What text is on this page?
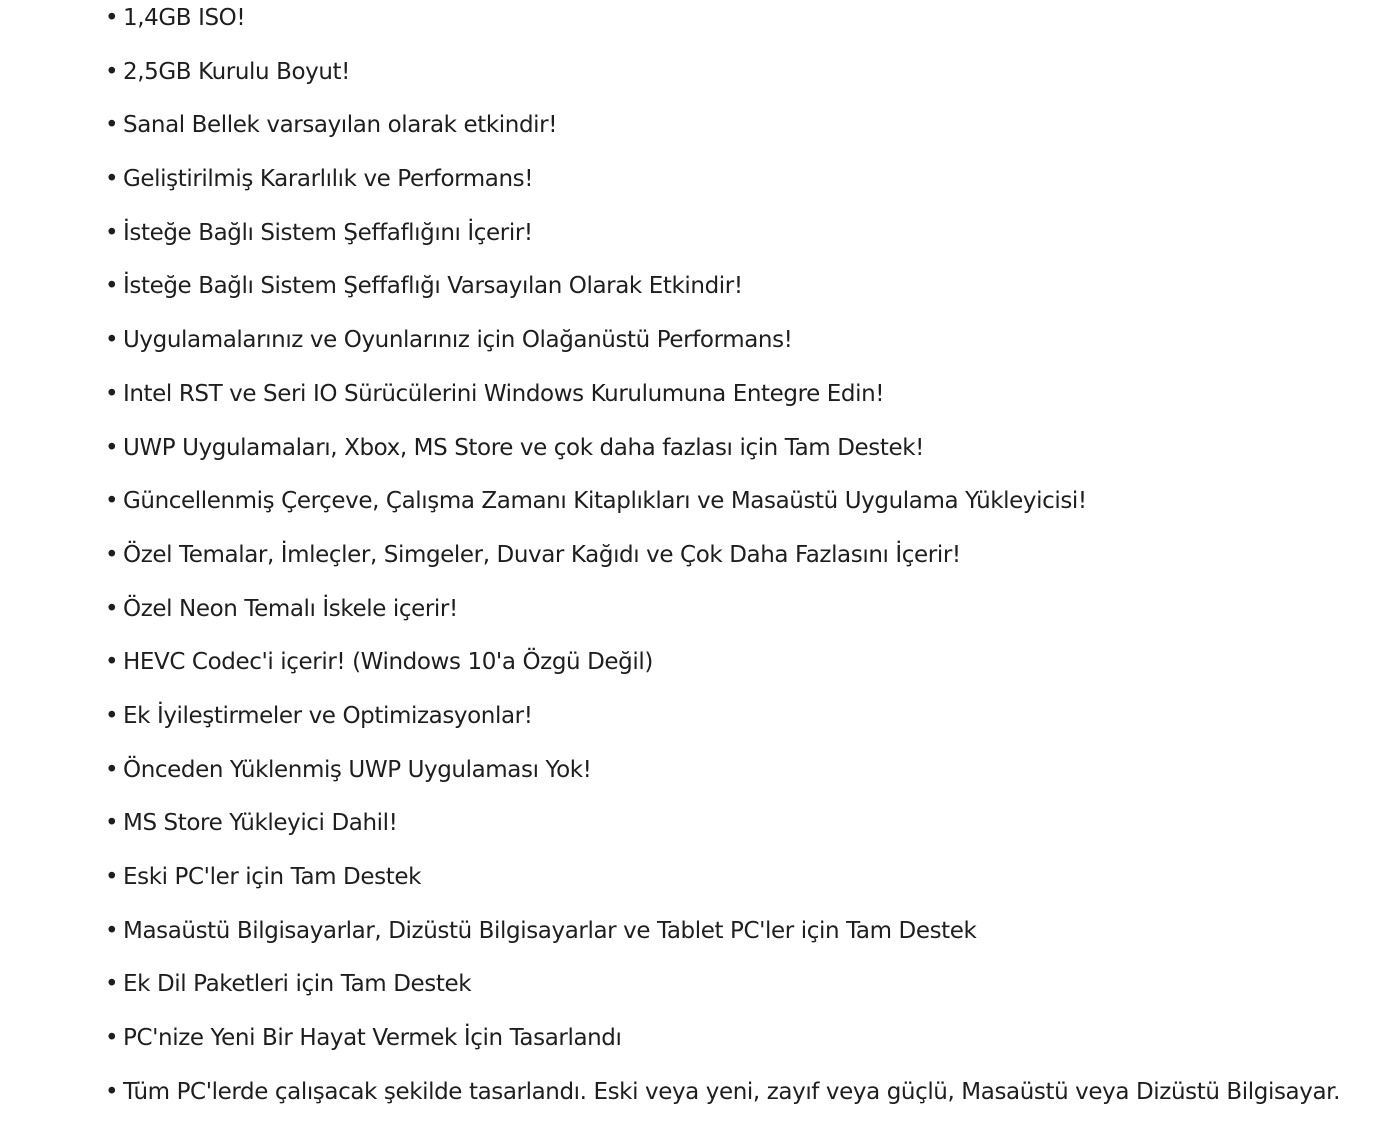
• 1,4GB ISO!
• 2,5GB Kurulu Boyut!
• Sanal Bellek varsayılan olarak etkindir!
• Geliştirilmiş Kararlılık ve Performans!
• İsteğe Bağlı Sistem Şeffaflığını İçerir!
• İsteğe Bağlı Sistem Şeffaflığı Varsayılan Olarak Etkindir!
• Uygulamalarınız ve Oyunlarınız için Olağanüstü Performans!
• Intel RST ve Seri IO Sürücülerini Windows Kurulumuna Entegre Edin!
• UWP Uygulamaları, Xbox, MS Store ve çok daha fazlası için Tam Destek!
• Güncellenmiş Çerçeve, Çalışma Zamanı Kitaplıkları ve Masaüstü Uygulama Yükleyicisi!
• Özel Temalar, İmleçler, Simgeler, Duvar Kağıdı ve Çok Daha Fazlasını İçerir!
• Özel Neon Temalı İskele içerir!
• HEVC Codec'i içerir! (Windows 10'a Özgü Değil)
• Ek İyileştirmeler ve Optimizasyonlar!
• Önceden Yüklenmiş UWP Uygulaması Yok!
• MS Store Yükleyici Dahil!
• Eski PC'ler için Tam Destek
• Masaüstü Bilgisayarlar, Dizüstü Bilgisayarlar ve Tablet PC'ler için Tam Destek
• Ek Dil Paketleri için Tam Destek
• PC'nize Yeni Bir Hayat Vermek İçin Tasarlandı
• Tüm PC'lerde çalışacak şekilde tasarlandı. Eski veya yeni, zayıf veya güçlü, Masaüstü veya Dizüstü Bilgisayar.
